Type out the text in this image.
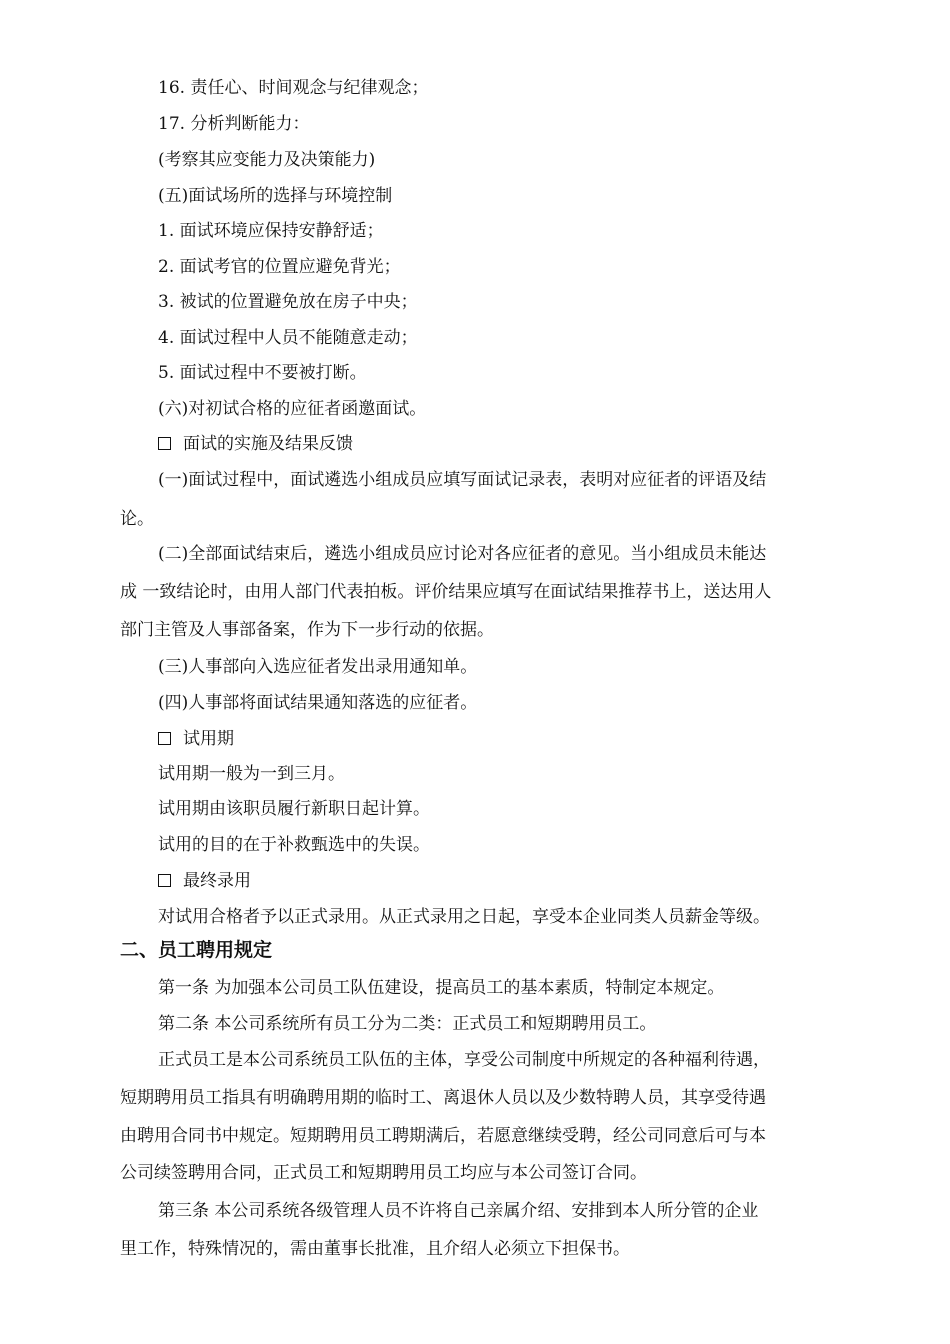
16. 责任心、时间观念与纪律观念；
17. 分析判断能力：
(考察其应变能力及决策能力)
(五)面试场所的选择与环境控制
1. 面试环境应保持安静舒适；
2. 面试考官的位置应避免背光；
3. 被试的位置避免放在房子中央；
4. 面试过程中人员不能随意走动；
5. 面试过程中不要被打断。
(六)对初试合格的应征者函邀面试。
面试的实施及结果反馈
(一)面试过程中，面试遴选小组成员应填写面试记录表，表明对应征者的评语及结
论。
(二)全部面试结束后，遴选小组成员应讨论对各应征者的意见。当小组成员未能达
成 一致结论时，由用人部门代表拍板。评价结果应填写在面试结果推荐书上，送达用人
部门主管及人事部备案，作为下一步行动的依据。
(三)人事部向入选应征者发出录用通知单。
(四)人事部将面试结果通知落选的应征者。
试用期
试用期一般为一到三月。
试用期由该职员履行新职日起计算。
试用的目的在于补救甄选中的失误。
最终录用
对试用合格者予以正式录用。从正式录用之日起，享受本企业同类人员薪金等级。
二、员工聘用规定
第一条 为加强本公司员工队伍建设，提高员工的基本素质，特制定本规定。
第二条 本公司系统所有员工分为二类：正式员工和短期聘用员工。
正式员工是本公司系统员工队伍的主体，享受公司制度中所规定的各种福利待遇，
短期聘用员工指具有明确聘用期的临时工、离退休人员以及少数特聘人员，其享受待遇
由聘用合同书中规定。短期聘用员工聘期满后，若愿意继续受聘，经公司同意后可与本
公司续签聘用合同，正式员工和短期聘用员工均应与本公司签订合同。
第三条 本公司系统各级管理人员不许将自己亲属介绍、安排到本人所分管的企业
里工作，特殊情况的，需由董事长批准，且介绍人必须立下担保书。
